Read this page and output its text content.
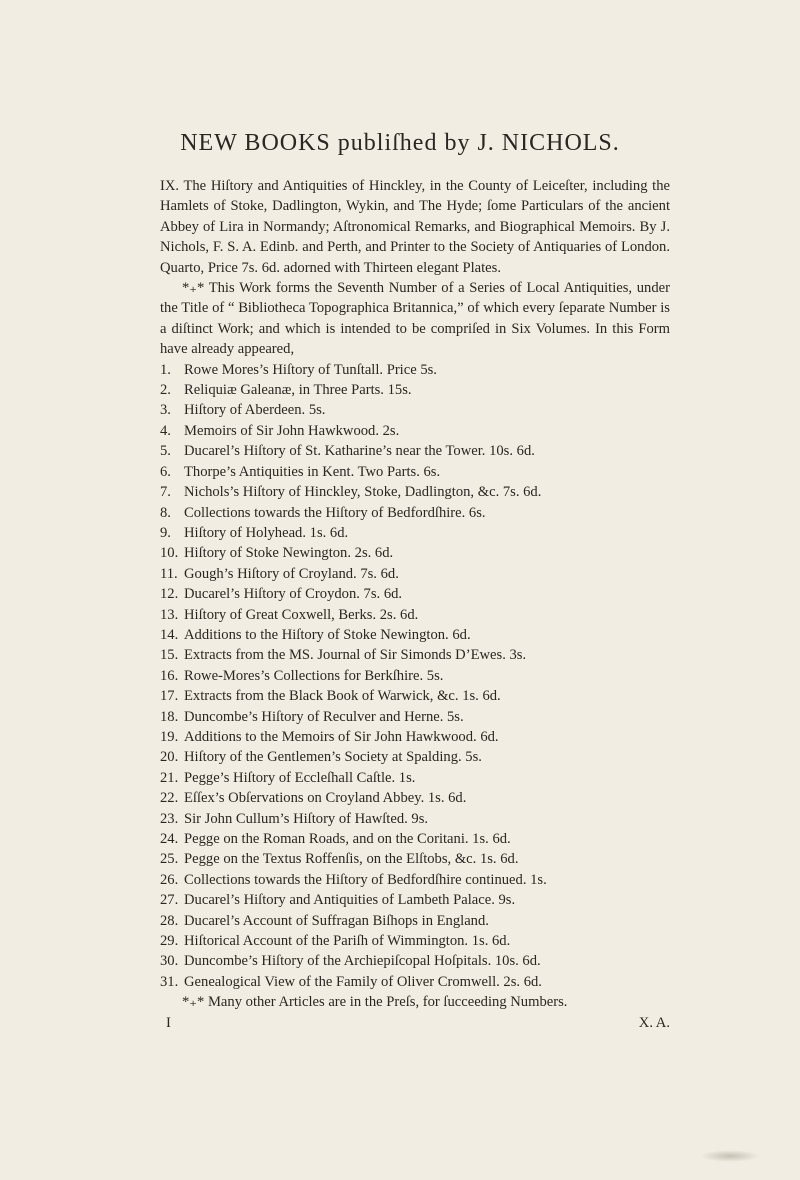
NEW BOOKS publiſhed by J. NICHOLS.

IX. The Hiſtory and Antiquities of Hinckley, in the County of Leiceſter, including the Hamlets of Stoke, Dadlington, Wykin, and The Hyde; ſome Particulars of the ancient Abbey of Lira in Normandy; Aſtronomical Remarks, and Biographical Memoirs. By J. Nichols, F. S. A. Edinb. and Perth, and Printer to the Society of Antiquaries of London. Quarto, Price 7s. 6d. adorned with Thirteen elegant Plates.

*₊* This Work forms the Seventh Number of a Series of Local Antiquities, under the Title of “ Bibliotheca Topographica Britannica,” of which every ſeparate Number is a diſtinct Work; and which is intended to be compriſed in Six Volumes. In this Form have already appeared,

1. Rowe Mores’s Hiſtory of Tunſtall. Price 5s.
2. Reliquiæ Galeanæ, in Three Parts. 15s.
3. Hiſtory of Aberdeen. 5s.
4. Memoirs of Sir John Hawkwood. 2s.
5. Ducarel’s Hiſtory of St. Katharine’s near the Tower. 10s. 6d.
6. Thorpe’s Antiquities in Kent. Two Parts. 6s.
7. Nichols’s Hiſtory of Hinckley, Stoke, Dadlington, &c. 7s. 6d.
8. Collections towards the Hiſtory of Bedfordſhire. 6s.
9. Hiſtory of Holyhead. 1s. 6d.
10. Hiſtory of Stoke Newington. 2s. 6d.
11. Gough’s Hiſtory of Croyland. 7s. 6d.
12. Ducarel’s Hiſtory of Croydon. 7s. 6d.
13. Hiſtory of Great Coxwell, Berks. 2s. 6d.
14. Additions to the Hiſtory of Stoke Newington. 6d.
15. Extracts from the MS. Journal of Sir Simonds D’Ewes. 3s.
16. Rowe-Mores’s Collections for Berkſhire. 5s.
17. Extracts from the Black Book of Warwick, &c. 1s. 6d.
18. Duncombe’s Hiſtory of Reculver and Herne. 5s.
19. Additions to the Memoirs of Sir John Hawkwood. 6d.
20. Hiſtory of the Gentlemen’s Society at Spalding. 5s.
21. Pegge’s Hiſtory of Eccleſhall Caſtle. 1s.
22. Eſſex’s Obſervations on Croyland Abbey. 1s. 6d.
23. Sir John Cullum’s Hiſtory of Hawſted. 9s.
24. Pegge on the Roman Roads, and on the Coritani. 1s. 6d.
25. Pegge on the Textus Roffenſis, on the Elſtobs, &c. 1s. 6d.
26. Collections towards the Hiſtory of Bedfordſhire continued. 1s.
27. Ducarel’s Hiſtory and Antiquities of Lambeth Palace. 9s.
28. Ducarel’s Account of Suffragan Biſhops in England.
29. Hiſtorical Account of the Pariſh of Wimmington. 1s. 6d.
30. Duncombe’s Hiſtory of the Archiepiſcopal Hoſpitals. 10s. 6d.
31. Genealogical View of the Family of Oliver Cromwell. 2s. 6d.

*₊* Many other Articles are in the Preſs, for ſucceeding Numbers.

I	X. A.
